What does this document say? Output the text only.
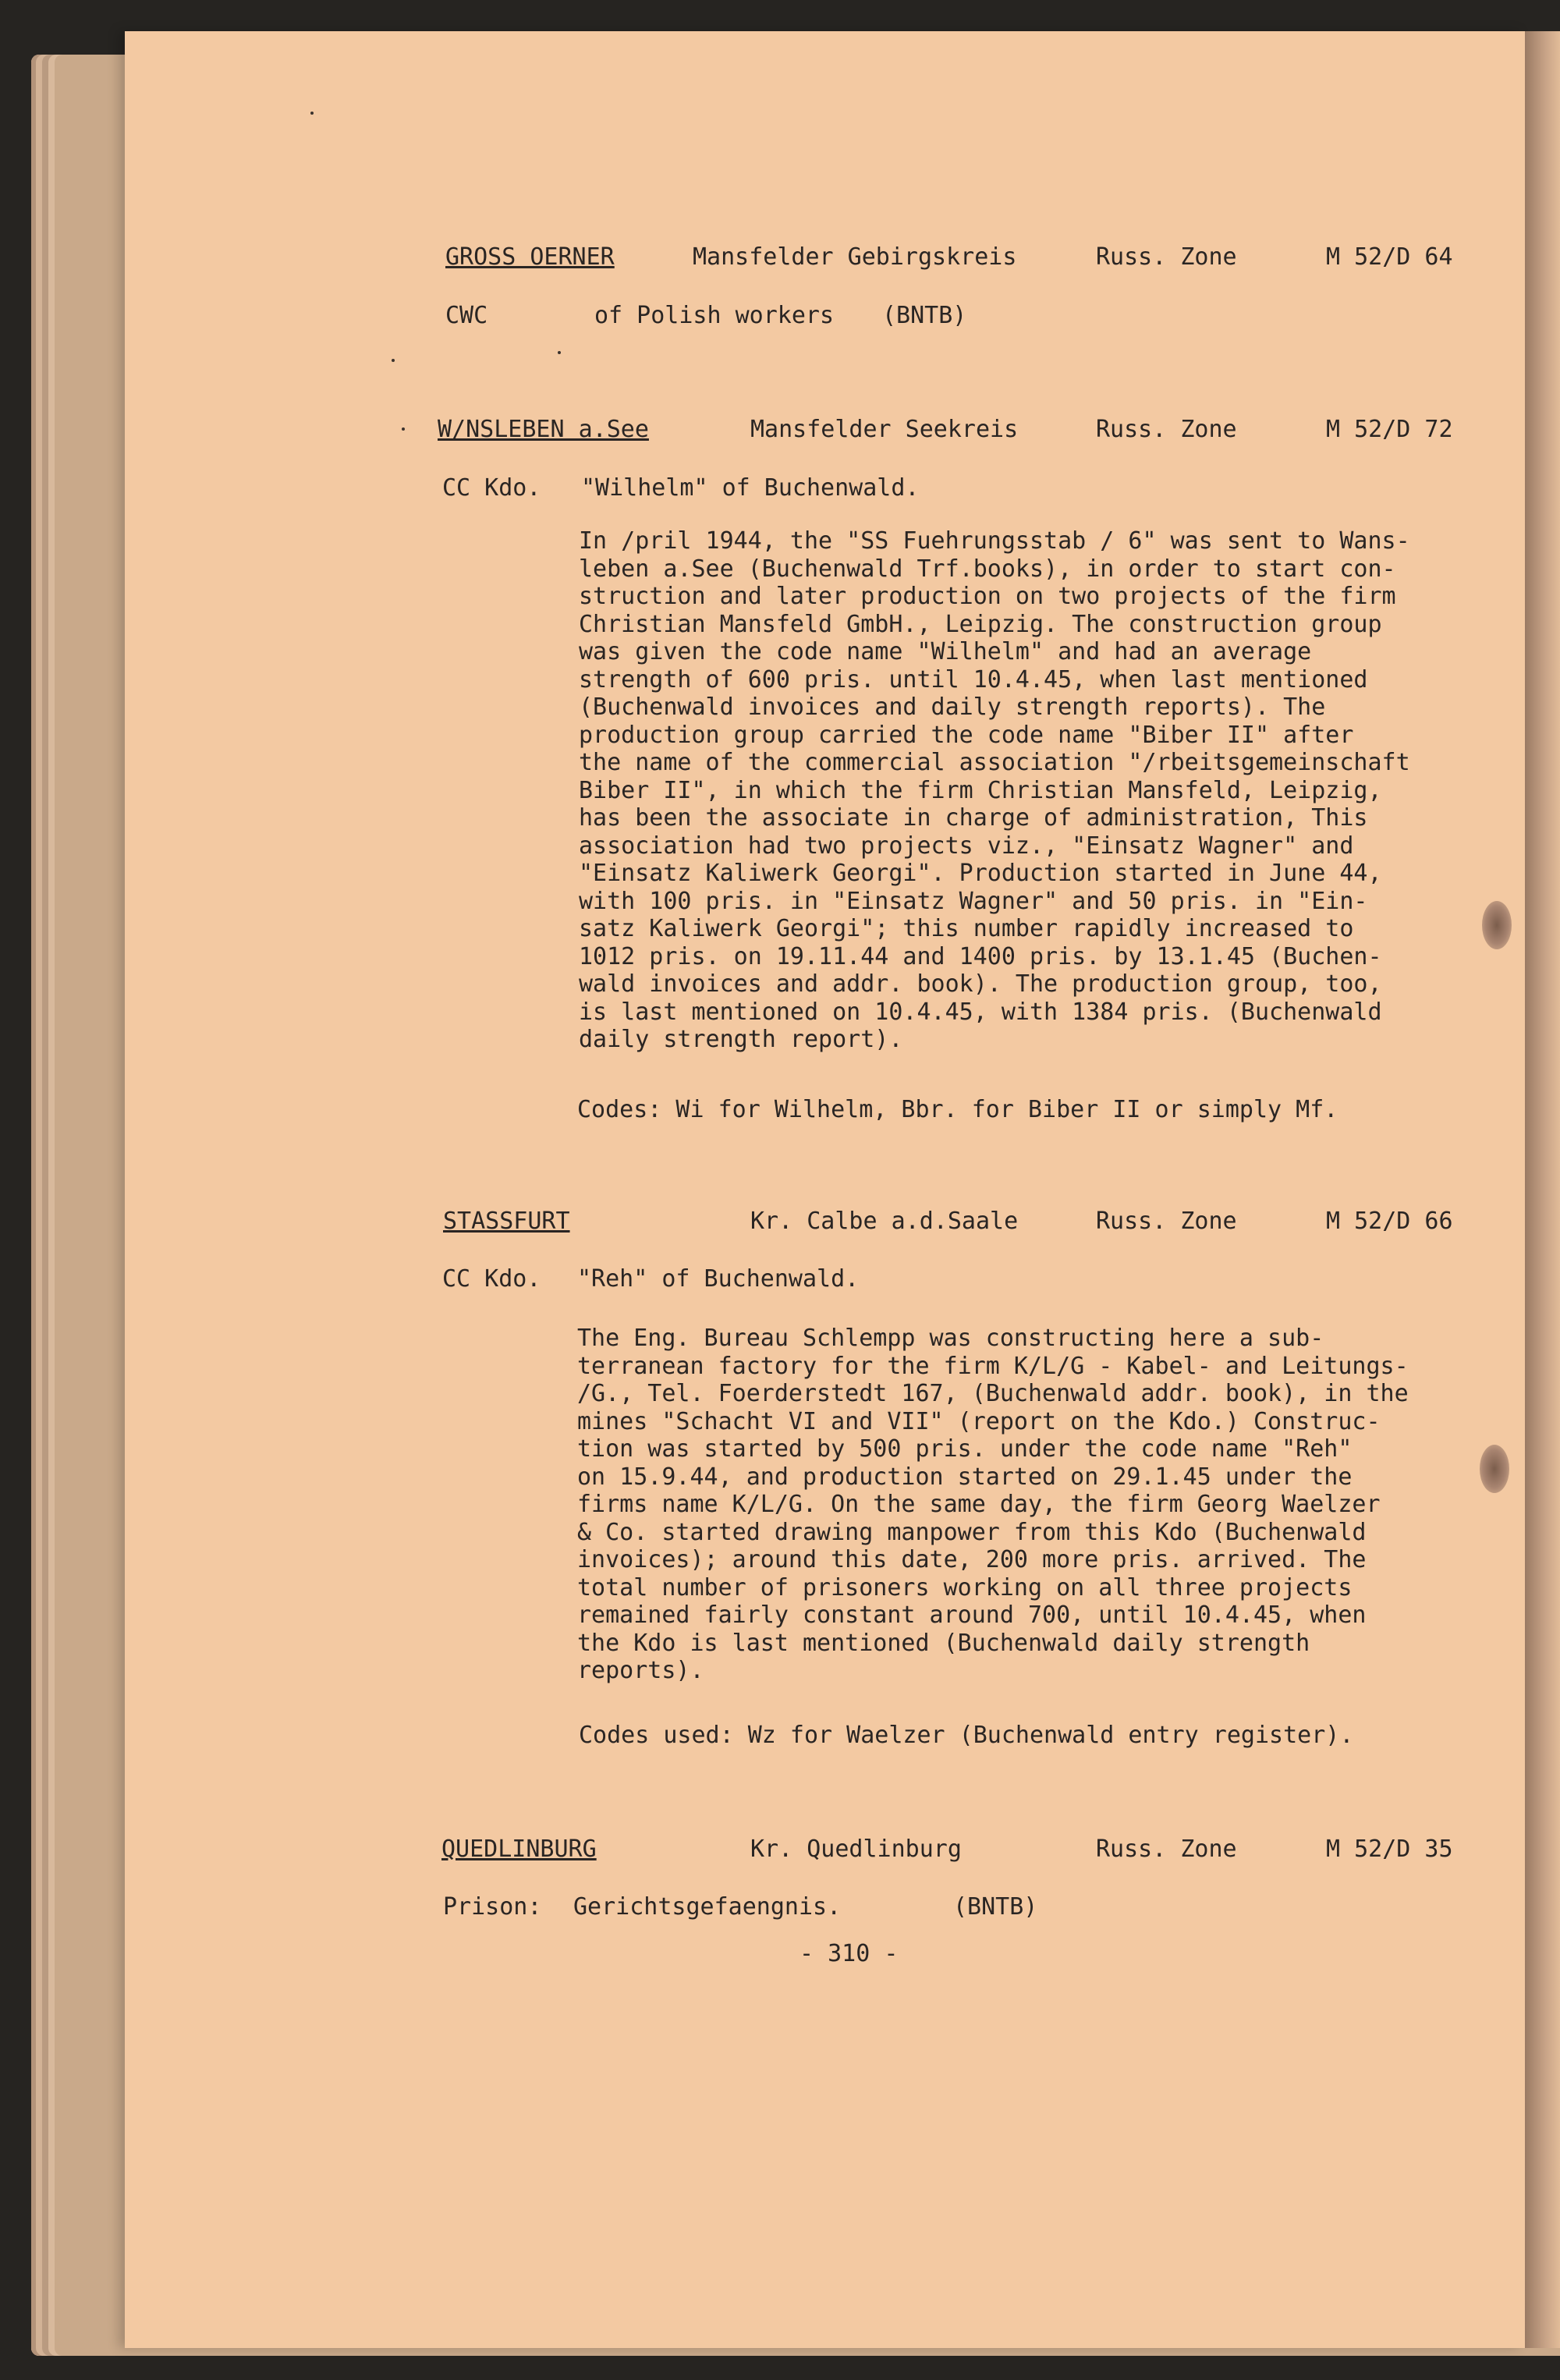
GROSS OERNER	Mansfelder Gebirgskreis	Russ. Zone	M 52/D 64
CWC	of Polish workers (BNTB)
W/NSLEBEN a.See	Mansfelder Seekreis	Russ. Zone	M 52/D 72
CC Kdo. "Wilhelm" of Buchenwald.
In /pril 1944, the "SS Fuehrungsstab / 6" was sent to Wans-
leben a.See (Buchenwald Trf.books), in order to start con-
struction and later production on two projects of the firm
Christian Mansfeld GmbH., Leipzig. The construction group
was given the code name "Wilhelm" and had an average
strength of 600 pris. until 10.4.45, when last mentioned
(Buchenwald invoices and daily strength reports). The
production group carried the code name "Biber II" after
the name of the commercial association "/rbeitsgemeinschaft
Biber II", in which the firm Christian Mansfeld, Leipzig,
has been the associate in charge of administration, This
association had two projects viz., "Einsatz Wagner" and
"Einsatz Kaliwerk Georgi". Production started in June 44,
with 100 pris. in "Einsatz Wagner" and 50 pris. in "Ein-
satz Kaliwerk Georgi"; this number rapidly increased to
1012 pris. on 19.11.44 and 1400 pris. by 13.1.45 (Buchen-
wald invoices and addr. book). The production group, too,
is last mentioned on 10.4.45, with 1384 pris. (Buchenwald
daily strength report).
Codes: Wi for Wilhelm, Bbr. for Biber II or simply Mf.
STASSFURT	Kr. Calbe a.d.Saale	Russ. Zone	M 52/D 66
CC Kdo. "Reh" of Buchenwald.
The Eng. Bureau Schlempp was constructing here a sub-
terranean factory for the firm K/L/G - Kabel- and Leitungs-
/G., Tel. Foerderstedt 167, (Buchenwald addr. book), in the
mines "Schacht VI and VII" (report on the Kdo.) Construc-
tion was started by 500 pris. under the code name "Reh"
on 15.9.44, and production started on 29.1.45 under the
firms name K/L/G. On the same day, the firm Georg Waelzer
& Co. started drawing manpower from this Kdo (Buchenwald
invoices); around this date, 200 more pris. arrived. The
total number of prisoners working on all three projects
remained fairly constant around 700, until 10.4.45, when
the Kdo is last mentioned (Buchenwald daily strength
reports).
Codes used: Wz for Waelzer (Buchenwald entry register).
QUEDLINBURG	Kr. Quedlinburg	Russ. Zone	M 52/D 35
Prison: Gerichtsgefaengnis.	(BNTB)
- 310 -
